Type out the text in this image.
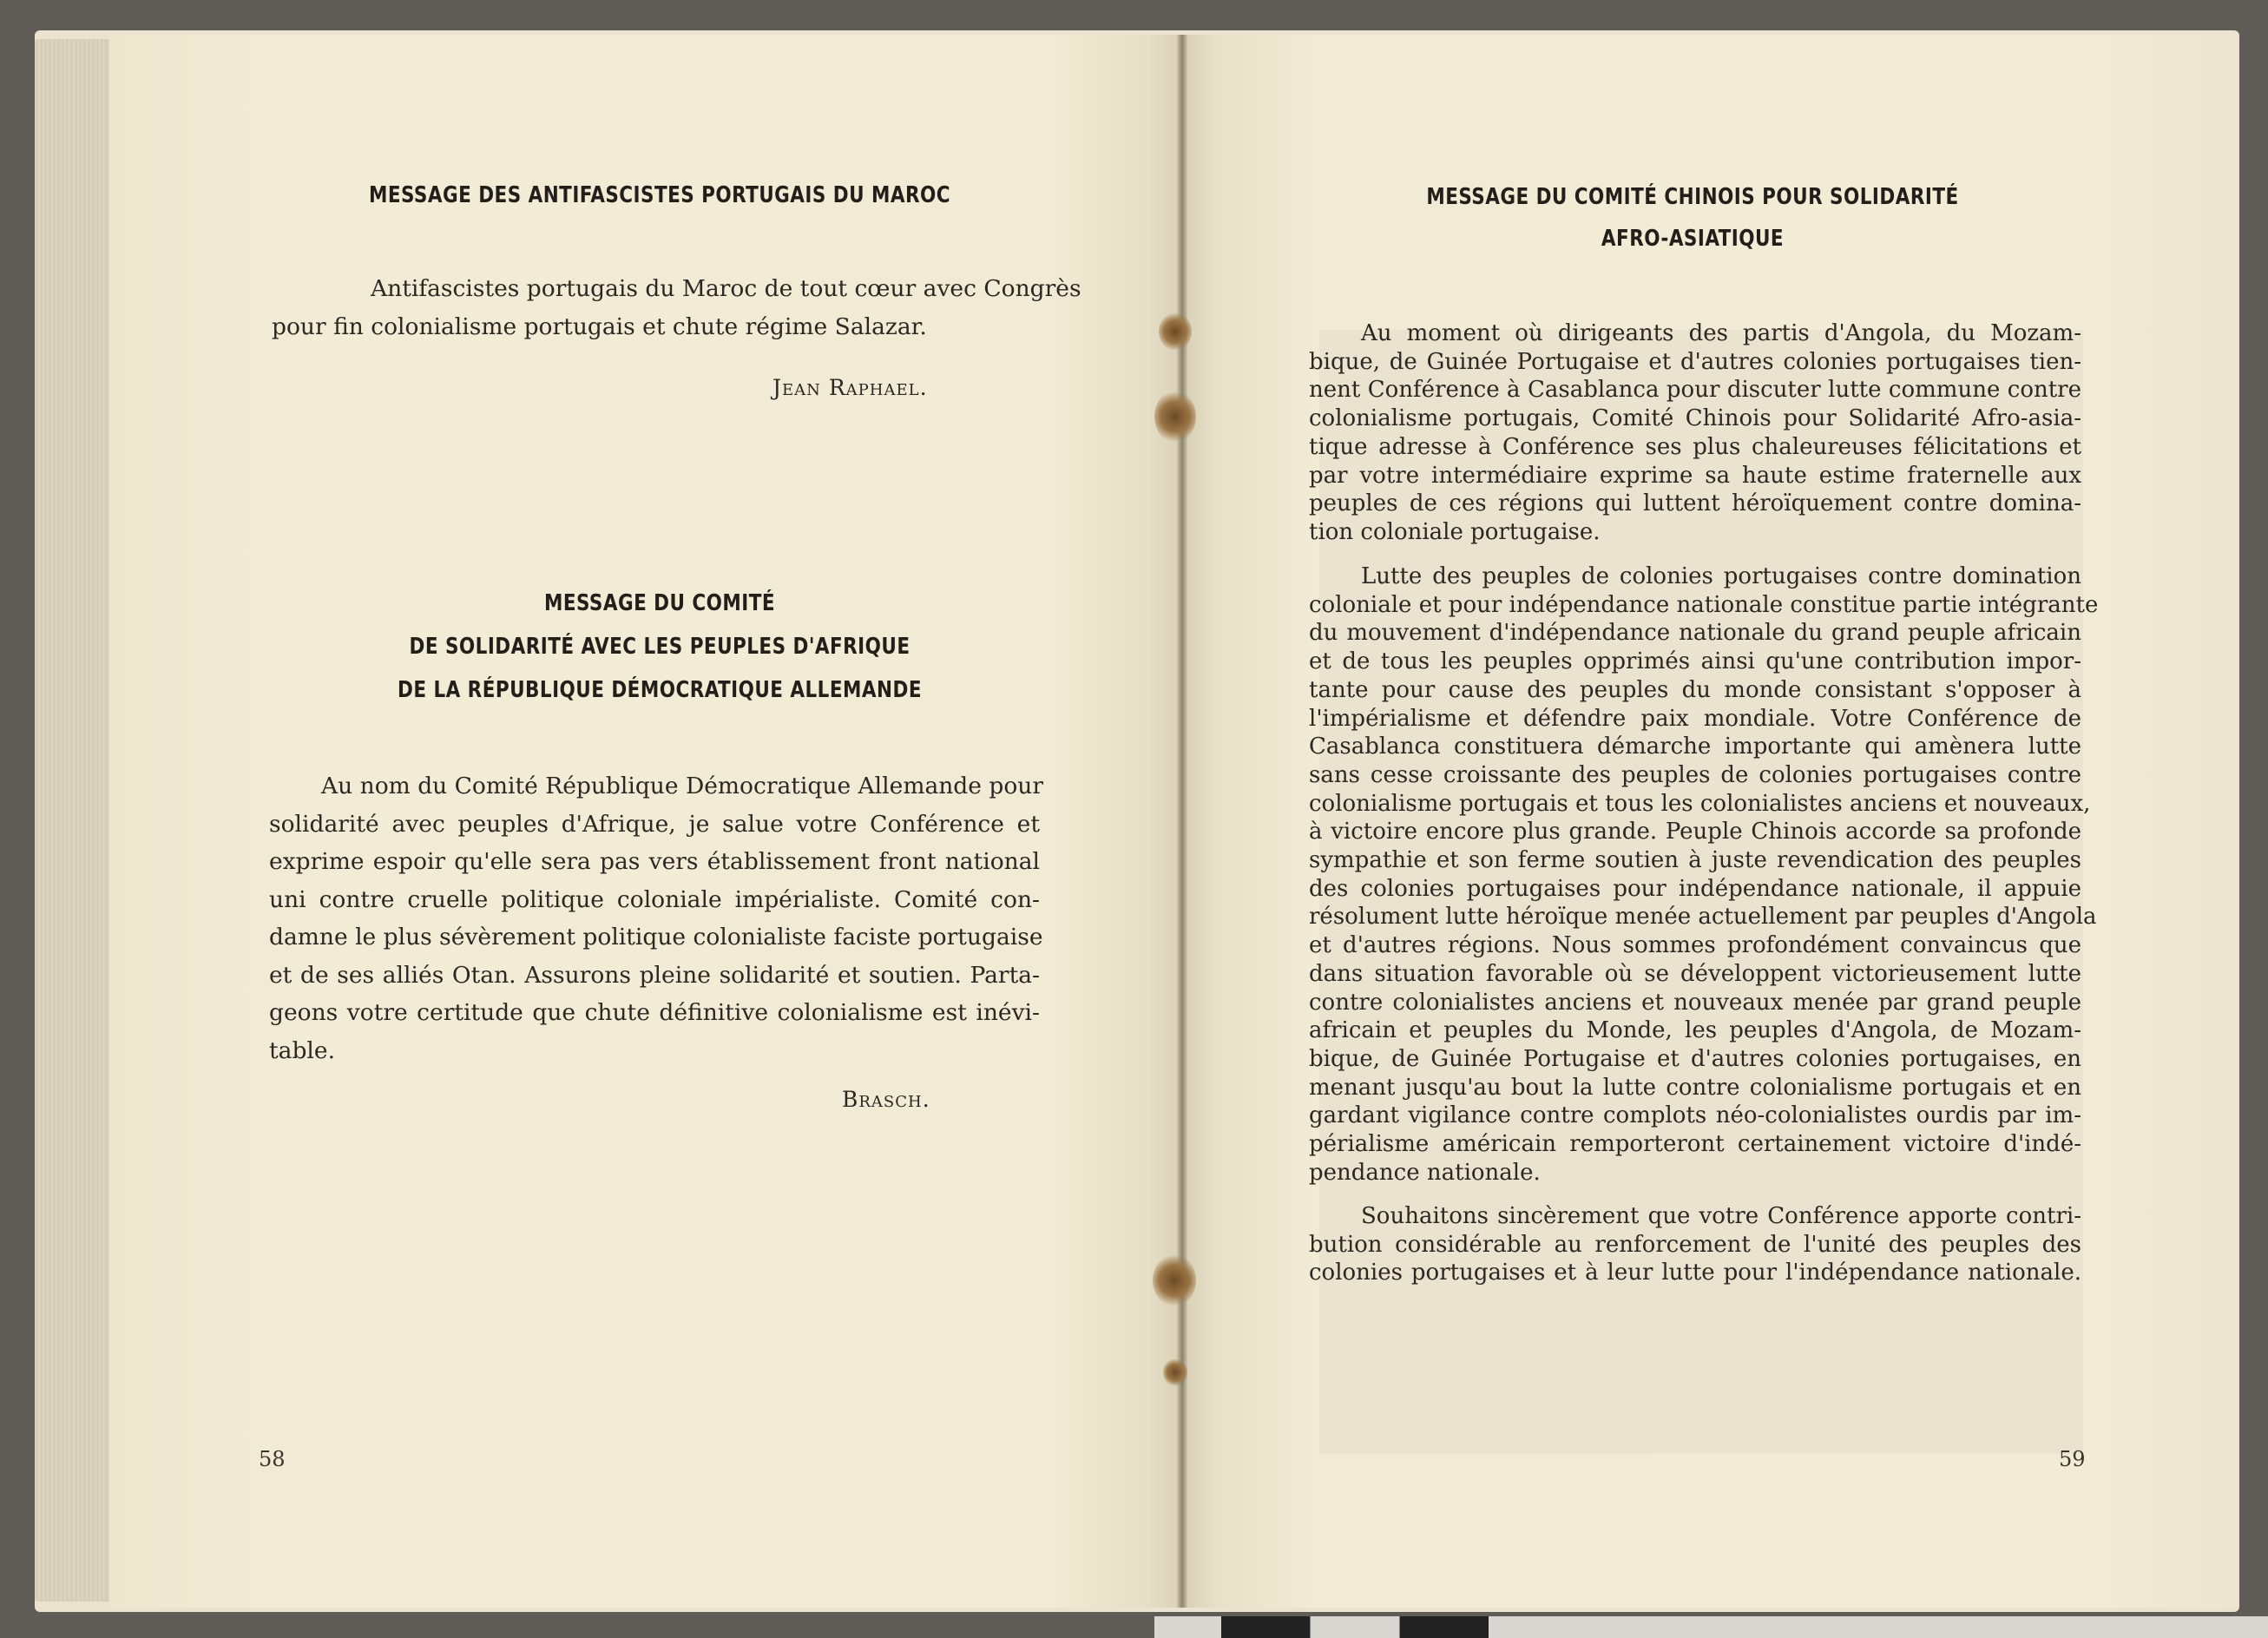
MESSAGE DES ANTIFASCISTES PORTUGAIS DU MAROC
Antifascistes portugais du Maroc de tout cœur avec Congrès
pour fin colonialisme portugais et chute régime Salazar.
Jean Raphael.
MESSAGE DU COMITÉ
DE SOLIDARITÉ AVEC LES PEUPLES D'AFRIQUE
DE LA RÉPUBLIQUE DÉMOCRATIQUE ALLEMANDE
Au nom du Comité République Démocratique Allemande pour
solidarité avec peuples d'Afrique, je salue votre Conférence et
exprime espoir qu'elle sera pas vers établissement front national
uni contre cruelle politique coloniale impérialiste. Comité con-
damne le plus sévèrement politique colonialiste faciste portugaise
et de ses alliés Otan. Assurons pleine solidarité et soutien. Parta-
geons votre certitude que chute définitive colonialisme est inévi-
table.
Brasch.
58
MESSAGE DU COMITÉ CHINOIS POUR SOLIDARITÉ
AFRO-ASIATIQUE
Au moment où dirigeants des partis d'Angola, du Mozam-
bique, de Guinée Portugaise et d'autres colonies portugaises tien-
nent Conférence à Casablanca pour discuter lutte commune contre
colonialisme portugais, Comité Chinois pour Solidarité Afro-asia-
tique adresse à Conférence ses plus chaleureuses félicitations et
par votre intermédiaire exprime sa haute estime fraternelle aux
peuples de ces régions qui luttent héroïquement contre domina-
tion coloniale portugaise.
Lutte des peuples de colonies portugaises contre domination
coloniale et pour indépendance nationale constitue partie intégrante
du mouvement d'indépendance nationale du grand peuple africain
et de tous les peuples opprimés ainsi qu'une contribution impor-
tante pour cause des peuples du monde consistant s'opposer à
l'impérialisme et défendre paix mondiale. Votre Conférence de
Casablanca constituera démarche importante qui amènera lutte
sans cesse croissante des peuples de colonies portugaises contre
colonialisme portugais et tous les colonialistes anciens et nouveaux,
à victoire encore plus grande. Peuple Chinois accorde sa profonde
sympathie et son ferme soutien à juste revendication des peuples
des colonies portugaises pour indépendance nationale, il appuie
résolument lutte héroïque menée actuellement par peuples d'Angola
et d'autres régions. Nous sommes profondément convaincus que
dans situation favorable où se développent victorieusement lutte
contre colonialistes anciens et nouveaux menée par grand peuple
africain et peuples du Monde, les peuples d'Angola, de Mozam-
bique, de Guinée Portugaise et d'autres colonies portugaises, en
menant jusqu'au bout la lutte contre colonialisme portugais et en
gardant vigilance contre complots néo-colonialistes ourdis par im-
périalisme américain remporteront certainement victoire d'indé-
pendance nationale.
Souhaitons sincèrement que votre Conférence apporte contri-
bution considérable au renforcement de l'unité des peuples des
colonies portugaises et à leur lutte pour l'indépendance nationale.
59
